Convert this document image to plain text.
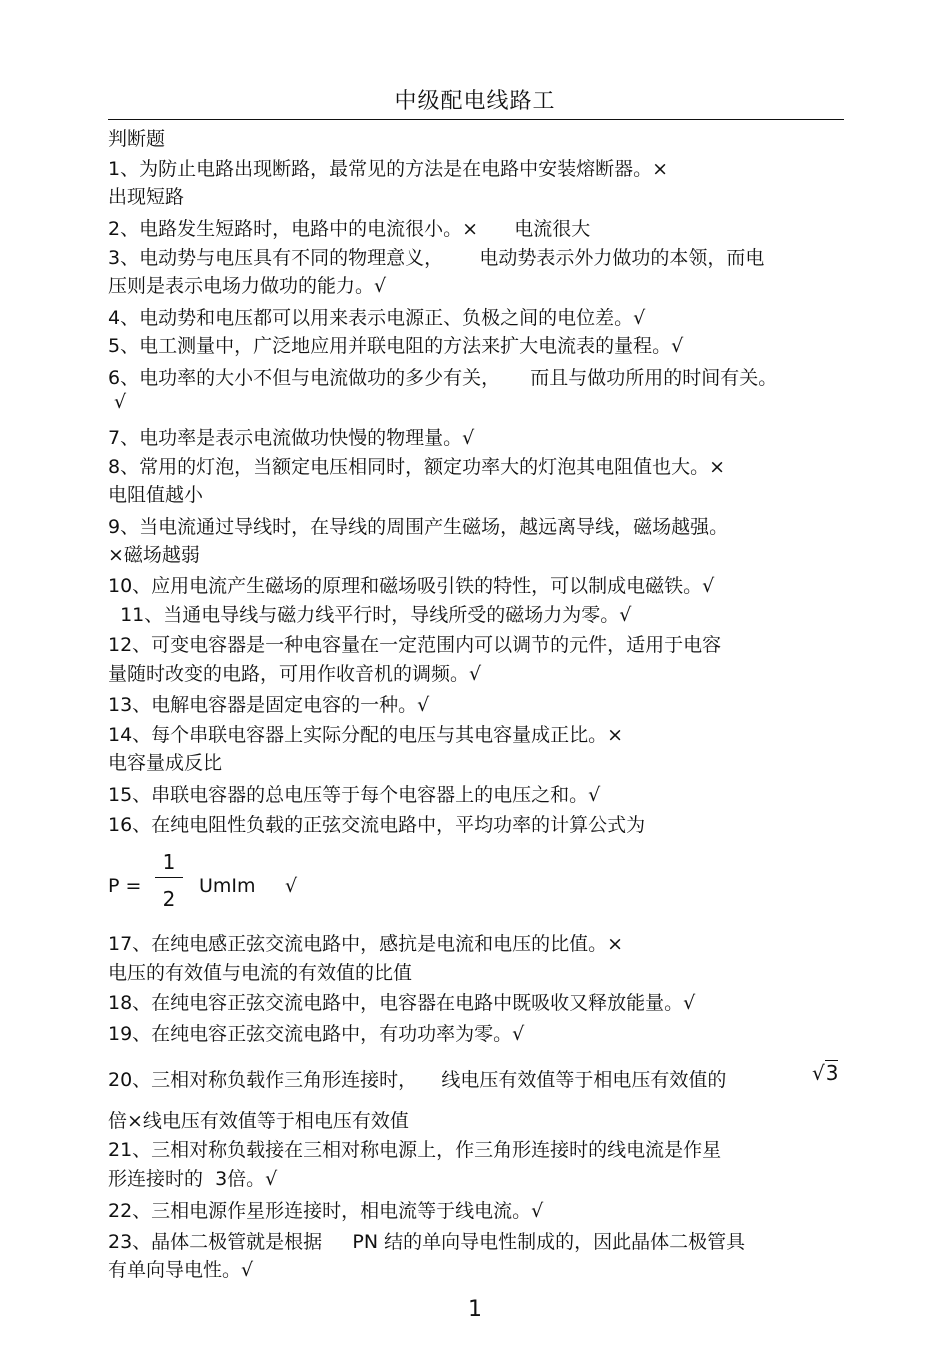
中级配电线路工
判断题
1、为防止电路出现断路，最常见的方法是在电路中安装熔断器。×
出现短路
2、电路发生短路时，电路中的电流很小。×      电流很大
3、电动势与电压具有不同的物理意义，      电动势表示外力做功的本领，而电
压则是表示电场力做功的能力。√
4、电动势和电压都可以用来表示电源正、负极之间的电位差。√
5、电工测量中，广泛地应用并联电阻的方法来扩大电流表的量程。√
6、电功率的大小不但与电流做功的多少有关，     而且与做功所用的时间有关。
√
7、电功率是表示电流做功快慢的物理量。√
8、常用的灯泡，当额定电压相同时，额定功率大的灯泡其电阻值也大。×
电阻值越小
9、当电流通过导线时，在导线的周围产生磁场，越远离导线，磁场越强。
×磁场越弱
10、应用电流产生磁场的原理和磁场吸引铁的特性，可以制成电磁铁。√
11、当通电导线与磁力线平行时，导线所受的磁场力为零。√
12、可变电容器是一种电容量在一定范围内可以调节的元件，适用于电容
量随时改变的电路，可用作收音机的调频。√
13、电解电容器是固定电容的一种。√
14、每个串联电容器上实际分配的电压与其电容量成正比。×
电容量成反比
15、串联电容器的总电压等于每个电容器上的电压之和。√
16、在纯电阻性负载的正弦交流电路中，平均功率的计算公式为
P =
1
2
UmIm √
17、在纯电感正弦交流电路中，感抗是电流和电压的比值。×
电压的有效值与电流的有效值的比值
18、在纯电容正弦交流电路中，电容器在电路中既吸收又释放能量。√
19、在纯电容正弦交流电路中，有功功率为零。√
20、三相对称负载作三角形连接时，    线电压有效值等于相电压有效值的	√3
倍×线电压有效值等于相电压有效值
21、三相对称负载接在三相对称电源上，作三角形连接时的线电流是作星
形连接时的  3倍。√
22、三相电源作星形连接时，相电流等于线电流。√
23、晶体二极管就是根据     PN 结的单向导电性制成的，因此晶体二极管具
有单向导电性。√
1
